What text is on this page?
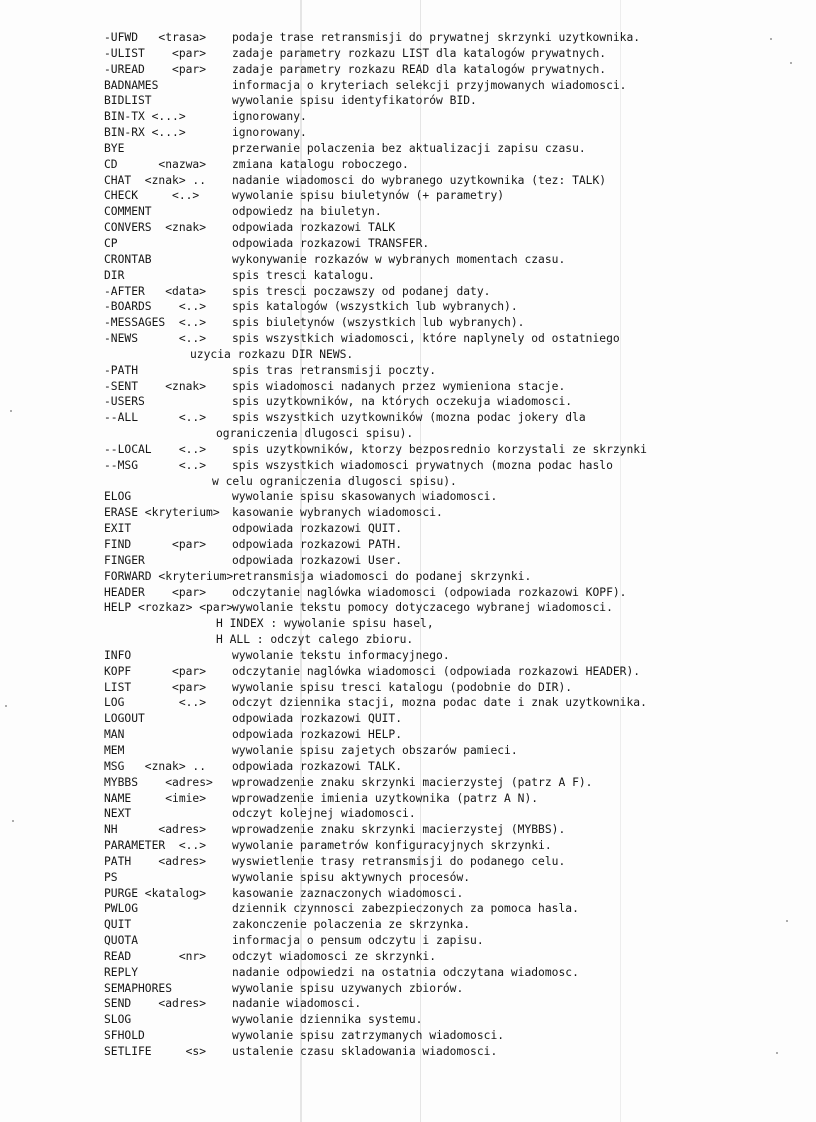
-UFWD   <trasa> podaje trase retransmisji do prywatnej skrzynki uzytkownika.
-ULIST    <par> zadaje parametry rozkazu LIST dla katalogów prywatnych.
-UREAD    <par> zadaje parametry rozkazu READ dla katalogów prywatnych.
BADNAMES	informacja o kryteriach selekcji przyjmowanych wiadomosci.
BIDLIST	wywolanie spisu identyfikatorów BID.
BIN-TX <...>	ignorowany.
BIN-RX <...>	ignorowany.
BYE	przerwanie polaczenia bez aktualizacji zapisu czasu.
CD      <nazwa> zmiana katalogu roboczego.
CHAT  <znak> .. nadanie wiadomosci do wybranego uzytkownika (tez: TALK)
CHECK     <..>	wywolanie spisu biuletynów (+ parametry)
COMMENT	odpowiedz na biuletyn.
CONVERS  <znak> odpowiada rozkazowi TALK
CP	odpowiada rozkazowi TRANSFER.
CRONTAB	wykonywanie rozkazów w wybranych momentach czasu.
DIR	spis tresci katalogu.
-AFTER   <data> spis tresci poczawszy od podanej daty.
-BOARDS    <..> spis katalogów (wszystkich lub wybranych).
-MESSAGES  <..> spis biuletynów (wszystkich lub wybranych).
-NEWS      <..> spis wszystkich wiadomosci, które naplynely od ostatniego
uzycia rozkazu DIR NEWS.
-PATH	spis tras retransmisji poczty.
-SENT    <znak> spis wiadomosci nadanych przez wymieniona stacje.
-USERS	spis uzytkowników, na których oczekuja wiadomosci.
--ALL      <..> spis wszystkich uzytkowników (mozna podac jokery dla
ograniczenia dlugosci spisu).
--LOCAL    <..> spis uzytkowników, ktorzy bezposrednio korzystali ze skrzynki
--MSG      <..> spis wszystkich wiadomosci prywatnych (mozna podac haslo
w celu ograniczenia dlugosci spisu).
ELOG	wywolanie spisu skasowanych wiadomosci.
ERASE <kryterium> kasowanie wybranych wiadomosci.
EXIT	odpowiada rozkazowi QUIT.
FIND      <par> odpowiada rozkazowi PATH.
FINGER	odpowiada rozkazowi User.
FORWARD <kryterium>retransmisja wiadomosci do podanej skrzynki.
HEADER    <par> odczytanie naglówka wiadomosci (odpowiada rozkazowi KOPF).
HELP <rozkaz> <par>wywolanie tekstu pomocy dotyczacego wybranej wiadomosci.
H INDEX : wywolanie spisu hasel,
H ALL : odczyt calego zbioru.
INFO	wywolanie tekstu informacyjnego.
KOPF      <par> odczytanie naglówka wiadomosci (odpowiada rozkazowi HEADER).
LIST      <par> wywolanie spisu tresci katalogu (podobnie do DIR).
LOG        <..> odczyt dziennika stacji, mozna podac date i znak uzytkownika.
LOGOUT	odpowiada rozkazowi QUIT.
MAN	odpowiada rozkazowi HELP.
MEM	wywolanie spisu zajetych obszarów pamieci.
MSG   <znak> .. odpowiada rozkazowi TALK.
MYBBS    <adres> wprowadzenie znaku skrzynki macierzystej (patrz A F).
NAME     <imie> wprowadzenie imienia uzytkownika (patrz A N).
NEXT	odczyt kolejnej wiadomosci.
NH      <adres> wprowadzenie znaku skrzynki macierzystej (MYBBS).
PARAMETER  <..> wywolanie parametrów konfiguracyjnych skrzynki.
PATH    <adres> wyswietlenie trasy retransmisji do podanego celu.
PS	wywolanie spisu aktywnych procesów.
PURGE <katalog> kasowanie zaznaczonych wiadomosci.
PWLOG	dziennik czynnosci zabezpieczonych za pomoca hasla.
QUIT	zakonczenie polaczenia ze skrzynka.
QUOTA	informacja o pensum odczytu i zapisu.
READ       <nr> odczyt wiadomosci ze skrzynki.
REPLY	nadanie odpowiedzi na ostatnia odczytana wiadomosc.
SEMAPHORES	wywolanie spisu uzywanych zbiorów.
SEND    <adres> nadanie wiadomosci.
SLOG	wywolanie dziennika systemu.
SFHOLD	wywolanie spisu zatrzymanych wiadomosci.
SETLIFE     <s> ustalenie czasu skladowania wiadomosci.
